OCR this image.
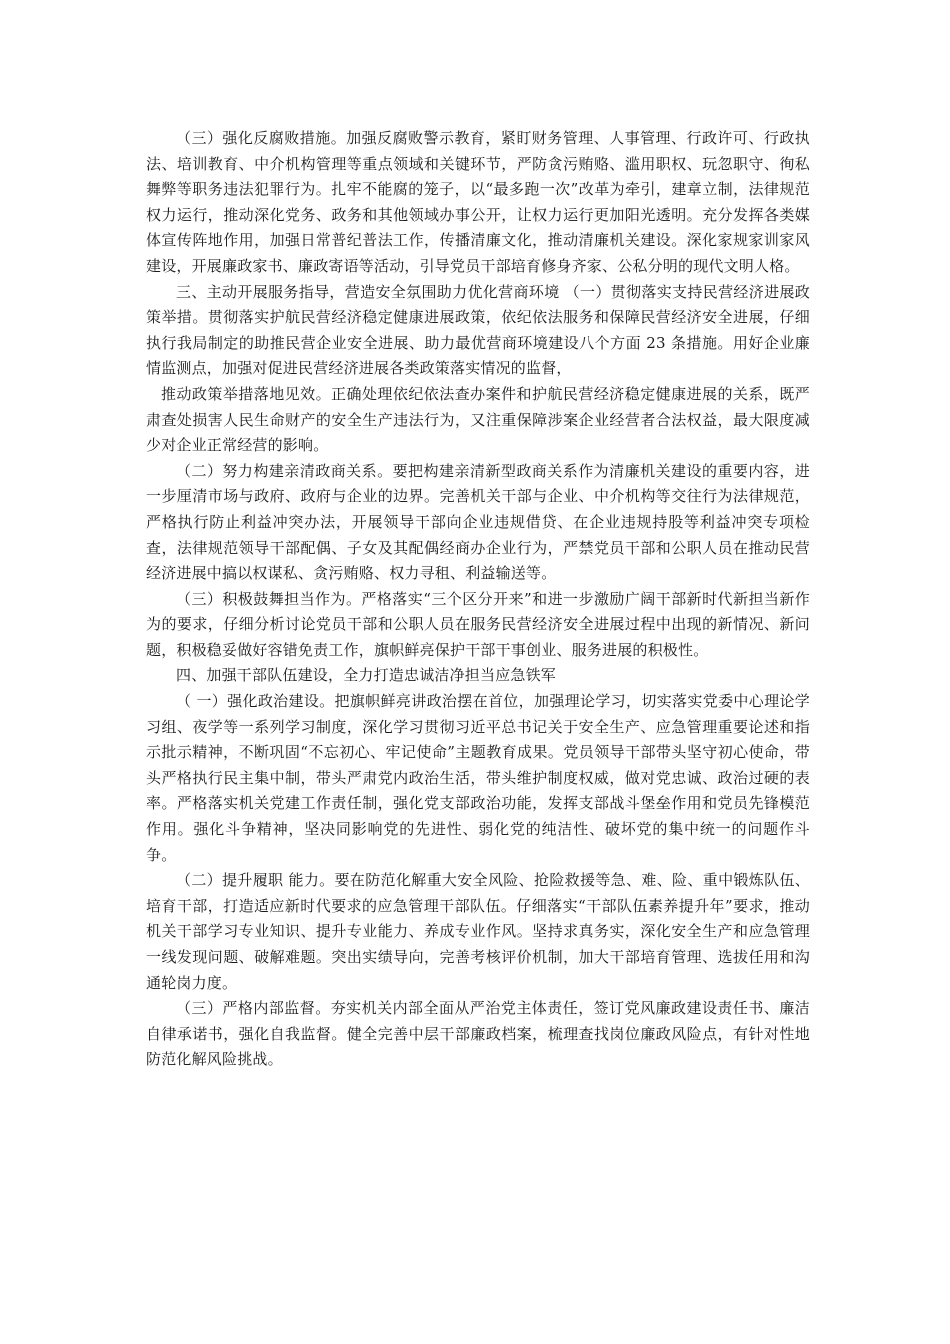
（三）强化反腐败措施。加强反腐败警示教育，紧盯财务管理、人事管理、行政许可、行政执法、培训教育、中介机构管理等重点领域和关键环节，严防贪污贿赂、滥用职权、玩忽职守、徇私舞弊等职务违法犯罪行为。扎牢不能腐的笼子，以“最多跑一次”改革为牵引，建章立制，法律规范权力运行，推动深化党务、政务和其他领域办事公开，让权力运行更加阳光透明。充分发挥各类媒体宣传阵地作用，加强日常普纪普法工作，传播清廉文化，推动清廉机关建设。深化家规家训家风建设，开展廉政家书、廉政寄语等活动，引导党员干部培育修身齐家、公私分明的现代文明人格。

三、主动开展服务指导，营造安全氛围助力优化营商环境 （一）贯彻落实支持民营经济进展政策举措。贯彻落实护航民营经济稳定健康进展政策，依纪依法服务和保障民营经济安全进展，仔细执行我局制定的助推民营企业安全进展、助力最优营商环境建设八个方面 23 条措施。用好企业廉情监测点，加强对促进民营经济进展各类政策落实情况的监督，

推动政策举措落地见效。正确处理依纪依法查办案件和护航民营经济稳定健康进展的关系，既严肃查处损害人民生命财产的安全生产违法行为，又注重保障涉案企业经营者合法权益，最大限度减少对企业正常经营的影响。

（二）努力构建亲清政商关系。要把构建亲清新型政商关系作为清廉机关建设的重要内容，进一步厘清市场与政府、政府与企业的边界。完善机关干部与企业、中介机构等交往行为法律规范，严格执行防止利益冲突办法，开展领导干部向企业违规借贷、在企业违规持股等利益冲突专项检查，法律规范领导干部配偶、子女及其配偶经商办企业行为，严禁党员干部和公职人员在推动民营经济进展中搞以权谋私、贪污贿赂、权力寻租、利益输送等。

（三）积极鼓舞担当作为。严格落实“三个区分开来”和进一步激励广阔干部新时代新担当新作为的要求，仔细分析讨论党员干部和公职人员在服务民营经济安全进展过程中出现的新情况、新问题，积极稳妥做好容错免责工作，旗帜鲜亮保护干部干事创业、服务进展的积极性。

四、加强干部队伍建设，全力打造忠诚洁净担当应急铁军

（ 一）强化政治建设。把旗帜鲜亮讲政治摆在首位，加强理论学习，切实落实党委中心理论学习组、夜学等一系列学习制度，深化学习贯彻习近平总书记关于安全生产、应急管理重要论述和指示批示精神，不断巩固“不忘初心、牢记使命”主题教育成果。党员领导干部带头坚守初心使命，带头严格执行民主集中制，带头严肃党内政治生活，带头维护制度权威，做对党忠诚、政治过硬的表率。严格落实机关党建工作责任制，强化党支部政治功能，发挥支部战斗堡垒作用和党员先锋模范作用。强化斗争精神，坚决同影响党的先进性、弱化党的纯洁性、破坏党的集中统一的问题作斗争。

（二）提升履职 能力。要在防范化解重大安全风险、抢险救援等急、难、险、重中锻炼队伍、培育干部，打造适应新时代要求的应急管理干部队伍。仔细落实“干部队伍素养提升年”要求，推动机关干部学习专业知识、提升专业能力、养成专业作风。坚持求真务实，深化安全生产和应急管理一线发现问题、破解难题。突出实绩导向，完善考核评价机制，加大干部培育管理、选拔任用和沟通轮岗力度。

（三）严格内部监督。夯实机关内部全面从严治党主体责任，签订党风廉政建设责任书、廉洁自律承诺书，强化自我监督。健全完善中层干部廉政档案，梳理查找岗位廉政风险点，有针对性地防范化解风险挑战。
